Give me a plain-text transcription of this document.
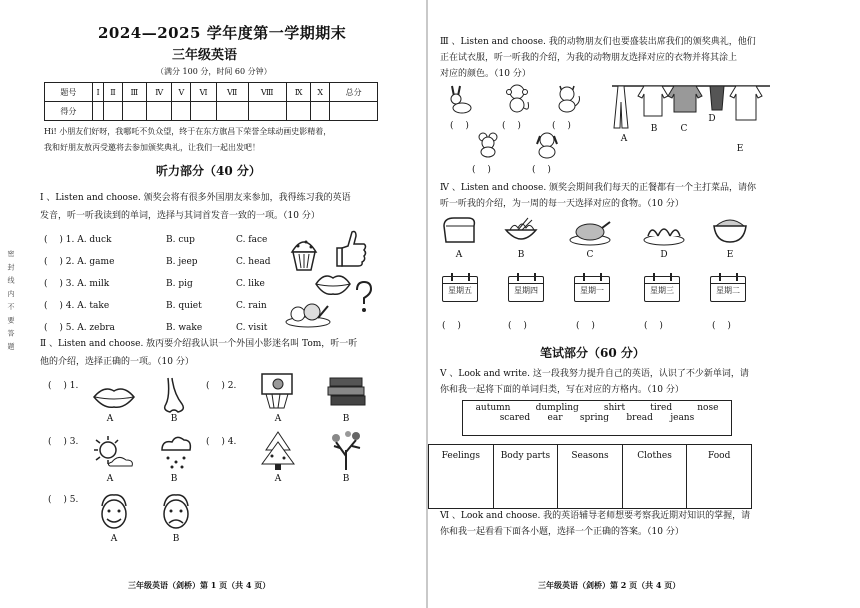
密 封 线 内 不 要 答 题
2024—2025 学年度第一学期期末
三年级英语
（满分 100 分，时间 60 分钟）
题号	I	Ⅱ	Ⅲ	Ⅳ	V	Ⅵ	Ⅶ	Ⅷ	Ⅸ	Ⅹ	总分
得分											
Hi! 小朋友们好呀，我哪吒不负众望，终于在东方旗昌下荣誉全球动画史影精着，
我和好朋友敖丙受邀将去参加颁奖典礼，让我们一起出发吧！
听力部分（40 分）
I 、Listen and choose. 颁奖会将有很多外国朋友来参加，我得练习我的英语
发音，听一听我读到的单词，选择与其词首发音一致的一项。（10 分）
(　 ) 1. A. duck	B. cup	C. face
(　 ) 2. A. game	B. jeep	C. head
(　 ) 3. A. milk	B. pig	C. like
(　 ) 4. A. take	B. quiet	C. rain
(　 ) 5. A. zebra	B. wake	C. visit
Ⅱ 、Listen and choose. 敖丙要介绍我认识一个外国小影迷名叫 Tom，听一听
他的介绍，选择正确的一项。（10 分）
(　 ) 1.	(　 ) 2.
A	B	A	B
(　 ) 3.	(　 ) 4.
A	B	A	B
(　 ) 5.
A	B
三年级英语（剑桥）第 1 页（共 4 页）
Ⅲ 、Listen and choose. 我的动物朋友们也要盛装出席我们的颁奖典礼，他们
正在试衣服，听一听我的介绍，为我的动物朋友选择对应的衣物并将其涂上
对应的颜色。（10 分）
(　 )	(　 )	(　 )
(　 )	(　 )
A
B	C
D
E
Ⅳ 、Listen and choose. 颁奖会期间我们每天的正餐都有一个主打菜品，请你
听一听我的介绍，为一周的每一天选择对应的食物。（10 分）
A	B	C	D	E
星期五	星期四	星期一	星期三	星期二
(　 )	(　 )	(　 )	(　 )	(　 )
笔试部分（60 分）
V 、Look and write. 这一段我努力提升自己的英语，认识了不少新单词，请
你和我一起将下面的单词归类，写在对应的方格内。（10 分）
Ⅵ 、Look and choose. 我的英语辅导老师想要考察我近期对知识的掌握，请
你和我一起看看下面各小题，选择一个正确的答案。（10 分）
三年级英语（剑桥）第 2 页（共 4 页）
autumn	dumpling	shirt	tired	nose
scared ear spring bread jeans
Feelings	Body parts	Seasons	Clothes	Food
